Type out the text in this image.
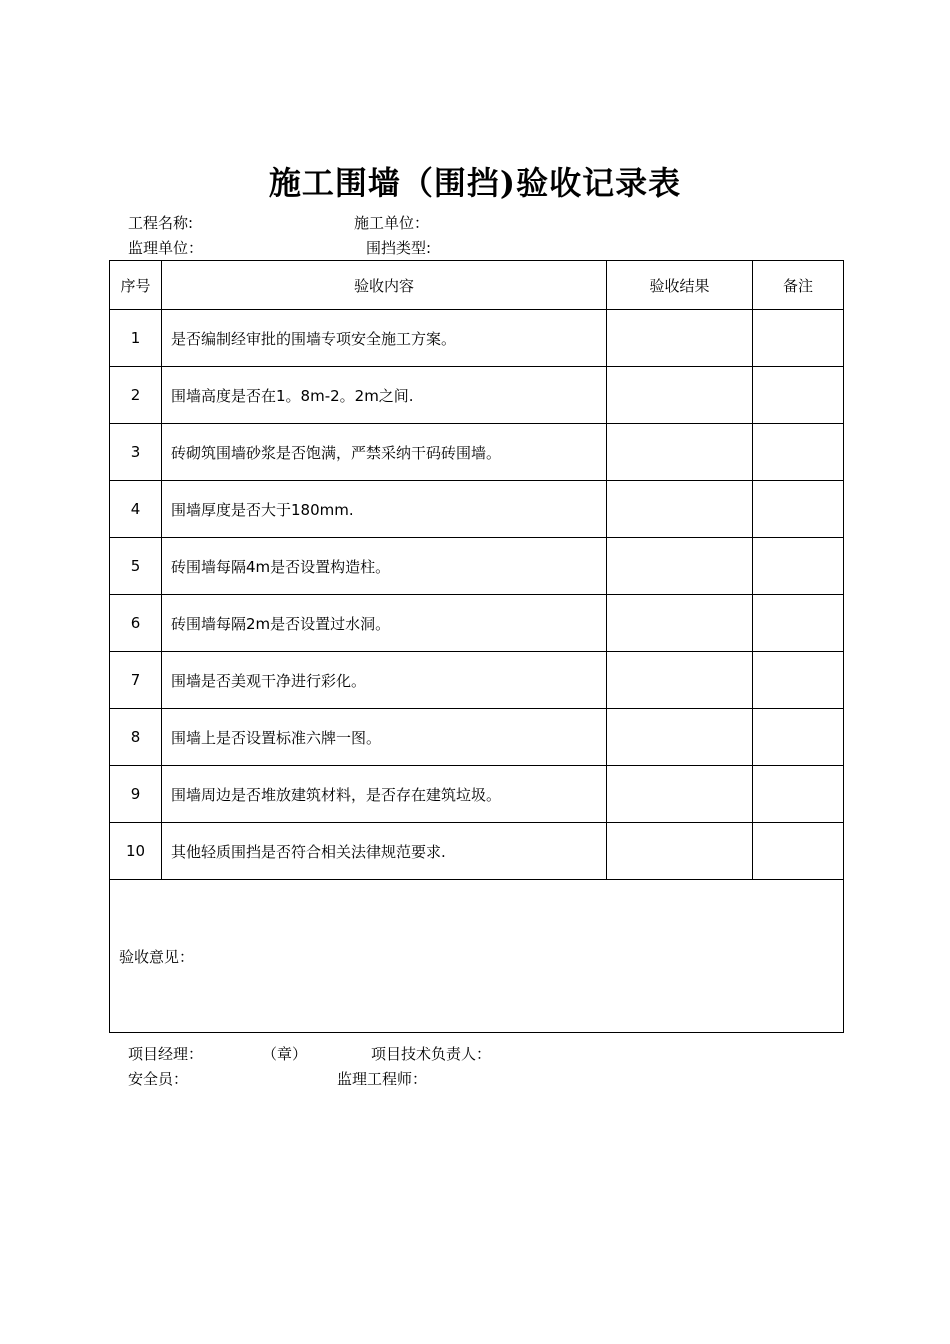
施工围墙（围挡)验收记录表
工程名称:	施工单位：
监理单位：	围挡类型:
序号	验收内容	验收结果	备注
1	是否编制经审批的围墙专项安全施工方案。		
2	围墙高度是否在1。8m-2。2m之间.		
3	砖砌筑围墙砂浆是否饱满，严禁采纳干码砖围墙。		
4	围墙厚度是否大于180mm.		
5	砖围墙每隔4m是否设置构造柱。		
6	砖围墙每隔2m是否设置过水洞。		
7	围墙是否美观干净进行彩化。		
8	围墙上是否设置标准六牌一图。		
9	围墙周边是否堆放建筑材料，是否存在建筑垃圾。		
10	其他轻质围挡是否符合相关法律规范要求.		
验收意见：			
项目经理：	（章）	项目技术负责人：
安全员：	监理工程师：
